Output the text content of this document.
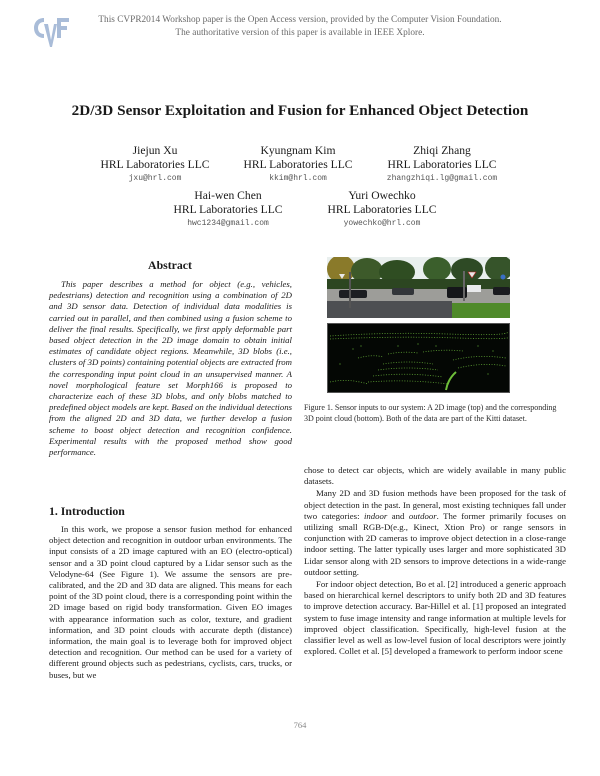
This CVPR2014 Workshop paper is the Open Access version, provided by the Computer Vision Foundation.
The authoritative version of this paper is available in IEEE Xplore.
2D/3D Sensor Exploitation and Fusion for Enhanced Object Detection
Jiejun Xu
HRL Laboratories LLC
jxu@hrl.com
Kyungnam Kim
HRL Laboratories LLC
kkim@hrl.com
Zhiqi Zhang
HRL Laboratories LLC
zhangzhiqi.lg@gmail.com
Hai-wen Chen
HRL Laboratories LLC
hwc1234@gmail.com
Yuri Owechko
HRL Laboratories LLC
yowechko@hrl.com
Abstract

This paper describes a method for object (e.g., vehicles, pedestrians) detection and recognition using a combination of 2D and 3D sensor data. Detection of individual data modalities is carried out in parallel, and then combined using a fusion scheme to deliver the final results. Specifically, we first apply deformable part based object detection in the 2D image domain to obtain initial estimates of candidate object regions. Meanwhile, 3D blobs (i.e., clusters of 3D points) containing potential objects are extracted from the corresponding input point cloud in an unsupervised manner. A novel morphological feature set Morph166 is proposed to characterize each of these 3D blobs, and only blobs matched to predefined object models are kept. Based on the individual detections from the aligned 2D and 3D data, we further develop a fusion scheme to boost object detection and recognition confidence. Experimental results with the proposed method show good performance.

1. Introduction

In this work, we propose a sensor fusion method for enhanced object detection and recognition in outdoor urban environments. The input consists of a 2D image captured with an EO (electro-optical) sensor and a 3D point cloud captured by a Lidar sensor such as the Velodyne-64 (See Figure 1). We assume the sensors are pre-calibrated, and the 2D and 3D data are aligned. This means for each point of the 3D point cloud, there is a corresponding point within the 2D image based on rigid body transformation. Given EO images with appearance information such as color, texture, and gradient information, and 3D point clouds with accurate depth (distance) information, the main goal is to leverage both for improved object detection and recognition. Our method can be used for a variety of different ground objects such as pedestrians, cyclists, cars, trucks, or buses, but we

Figure 1. Sensor inputs to our system: A 2D image (top) and the corresponding 3D point cloud (bottom). Both of the data are part of the Kitti dataset.

chose to detect car objects, which are widely available in many public datasets.

Many 2D and 3D fusion methods have been proposed for the task of object detection in the past. In general, most existing techniques fall under two categories: indoor and outdoor. The former primarily focuses on utilizing small RGB-D(e.g., Kinect, Xtion Pro) or range sensors in conjunction with 2D cameras to improve object detection in a close-range indoor setting. The latter typically uses larger and more sophisticated 3D Lidar sensor along with 2D sensors to improve detections in a wide-range outdoor setting.

For indoor object detection, Bo et al. [2] introduced a generic approach based on hierarchical kernel descriptors to unify both 2D and 3D features to improve detection accuracy. Bar-Hillel et al. [1] proposed an integrated system to fuse image intensity and range information at multiple levels for improved object classification. Specifically, high-level fusion at the classifier level as well as low-level fusion of local descriptors were jointly explored. Collet et al. [5] developed a framework to perform indoor scene

764
